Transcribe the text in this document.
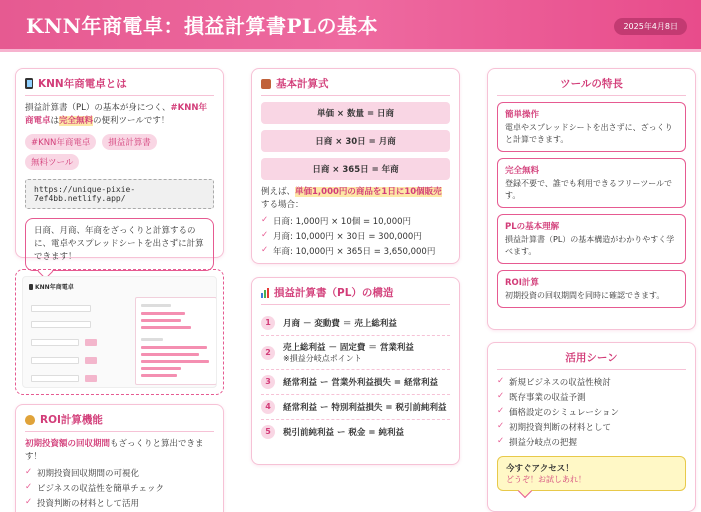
KNN年商電卓：損益計算書PLの基本	2025年4月8日
KNN年商電卓とは
損益計算書（PL）の基本が身につく、#KNN年商電卓は完全無料の便利ツールです！
#KNN年商電卓 損益計算書 無料ツール
https://unique-pixie-7ef4bb.netlify.app/
日商、月商、年商をざっくりと計算するのに、電卓やスプレッドシートを出さずに計算できます！
KNN年商電卓
ROI計算機能
初期投資額の回収期間もざっくりと算出できます！
✓ 初期投資回収期間の可視化
✓ ビジネスの収益性を簡単チェック
✓ 投資判断の材料として活用
基本計算式
単価 × 数量 = 日商
日商 × 30日 = 月商
日商 × 365日 = 年商
例えば、単価1,000円の商品を1日に10個販売する場合：
✓ 日商: 1,000円 × 10個 = 10,000円
✓ 月商: 10,000円 × 30日 = 300,000円
✓ 年商: 10,000円 × 365日 = 3,650,000円
損益計算書（PL）の構造
1	月商 － 変動費 ＝ 売上総利益
2	売上総利益 － 固定費 ＝ 営業利益
※損益分岐点ポイント
3	経常利益 ー 営業外利益損失 = 経常利益
4	経常利益 ー 特別利益損失 = 税引前純利益
5	税引前純利益 ー 税金 = 純利益
ツールの特長
簡単操作
電卓やスプレッドシートを出さずに、ざっくりと計算できます。
完全無料
登録不要で、誰でも利用できるフリーツールです。
PLの基本理解
損益計算書（PL）の基本構造がわかりやすく学べます。
ROI計算
初期投資の回収期間を同時に確認できます。
活用シーン
✓ 新規ビジネスの収益性検討
✓ 既存事業の収益予測
✓ 価格設定のシミュレーション
✓ 初期投資判断の材料として
✓ 損益分岐点の把握
今すぐアクセス！
どうぞ！お試しあれ！
